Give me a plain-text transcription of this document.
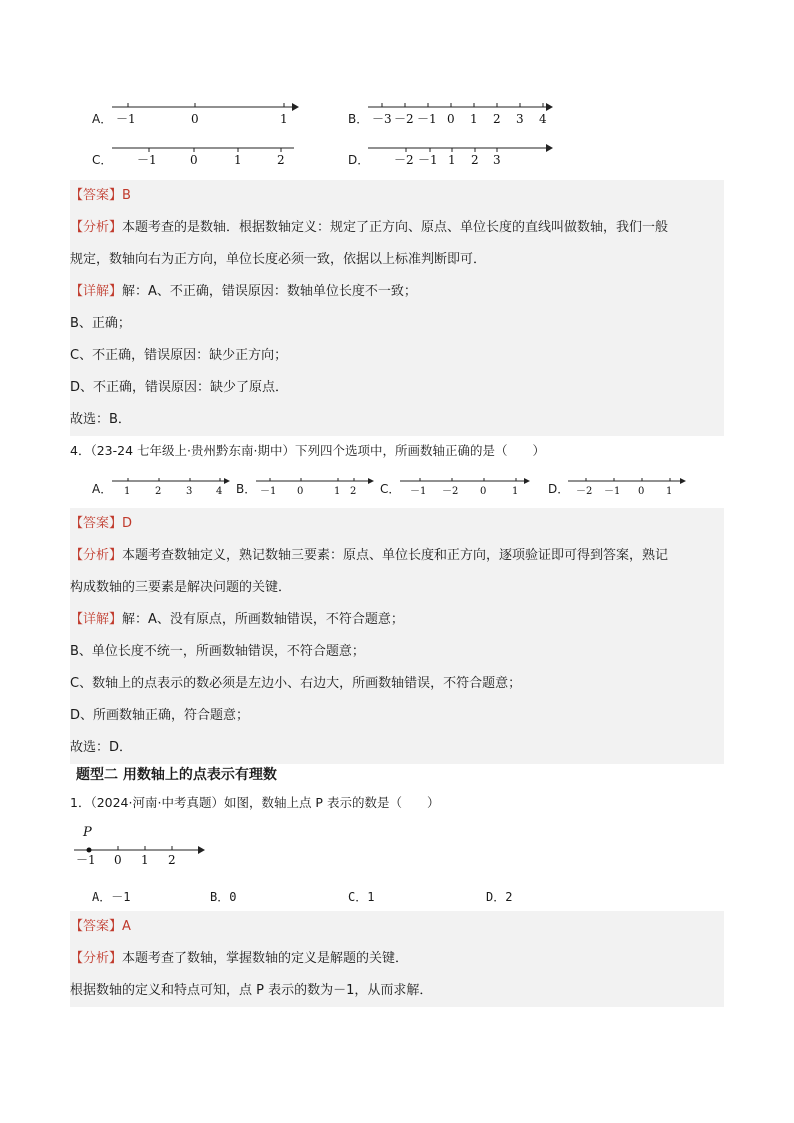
A． －1	0	1	B． －3 －2 －1 0 1 2 3 4
C． －1	0	1	2	D． －2 －1 1 2 3
【答案】B
【分析】本题考查的是数轴．根据数轴定义：规定了正方向、原点、单位长度的直线叫做数轴，我们一般
规定，数轴向右为正方向，单位长度必须一致，依据以上标准判断即可．
【详解】解：A、不正确，错误原因：数轴单位长度不一致；
B、正确；
C、不正确，错误原因：缺少正方向；
D、不正确，错误原因：缺少了原点．
故选：B．
4．（23-24 七年级上·贵州黔东南·期中）下列四个选项中，所画数轴正确的是（　　）
A． 1 2 3 4 B． －1 0	1 2 C． －1 －2 0	1 D． －2 －1 0 1
【答案】D
【分析】本题考查数轴定义，熟记数轴三要素：原点、单位长度和正方向，逐项验证即可得到答案，熟记
构成数轴的三要素是解决问题的关键．
【详解】解：A、没有原点，所画数轴错误，不符合题意；
B、单位长度不统一，所画数轴错误，不符合题意；
C、数轴上的点表示的数必须是左边小、右边大，所画数轴错误，不符合题意；
D、所画数轴正确，符合题意；
故选：D．
题型二 用数轴上的点表示有理数
1．（2024·河南·中考真题）如图，数轴上点 P 表示的数是（　　）
P
－1 0 1 2
A．－1	B．0	C．1	D．2
【答案】A
【分析】本题考查了数轴，掌握数轴的定义是解题的关键．
根据数轴的定义和特点可知，点 P 表示的数为－1，从而求解．
